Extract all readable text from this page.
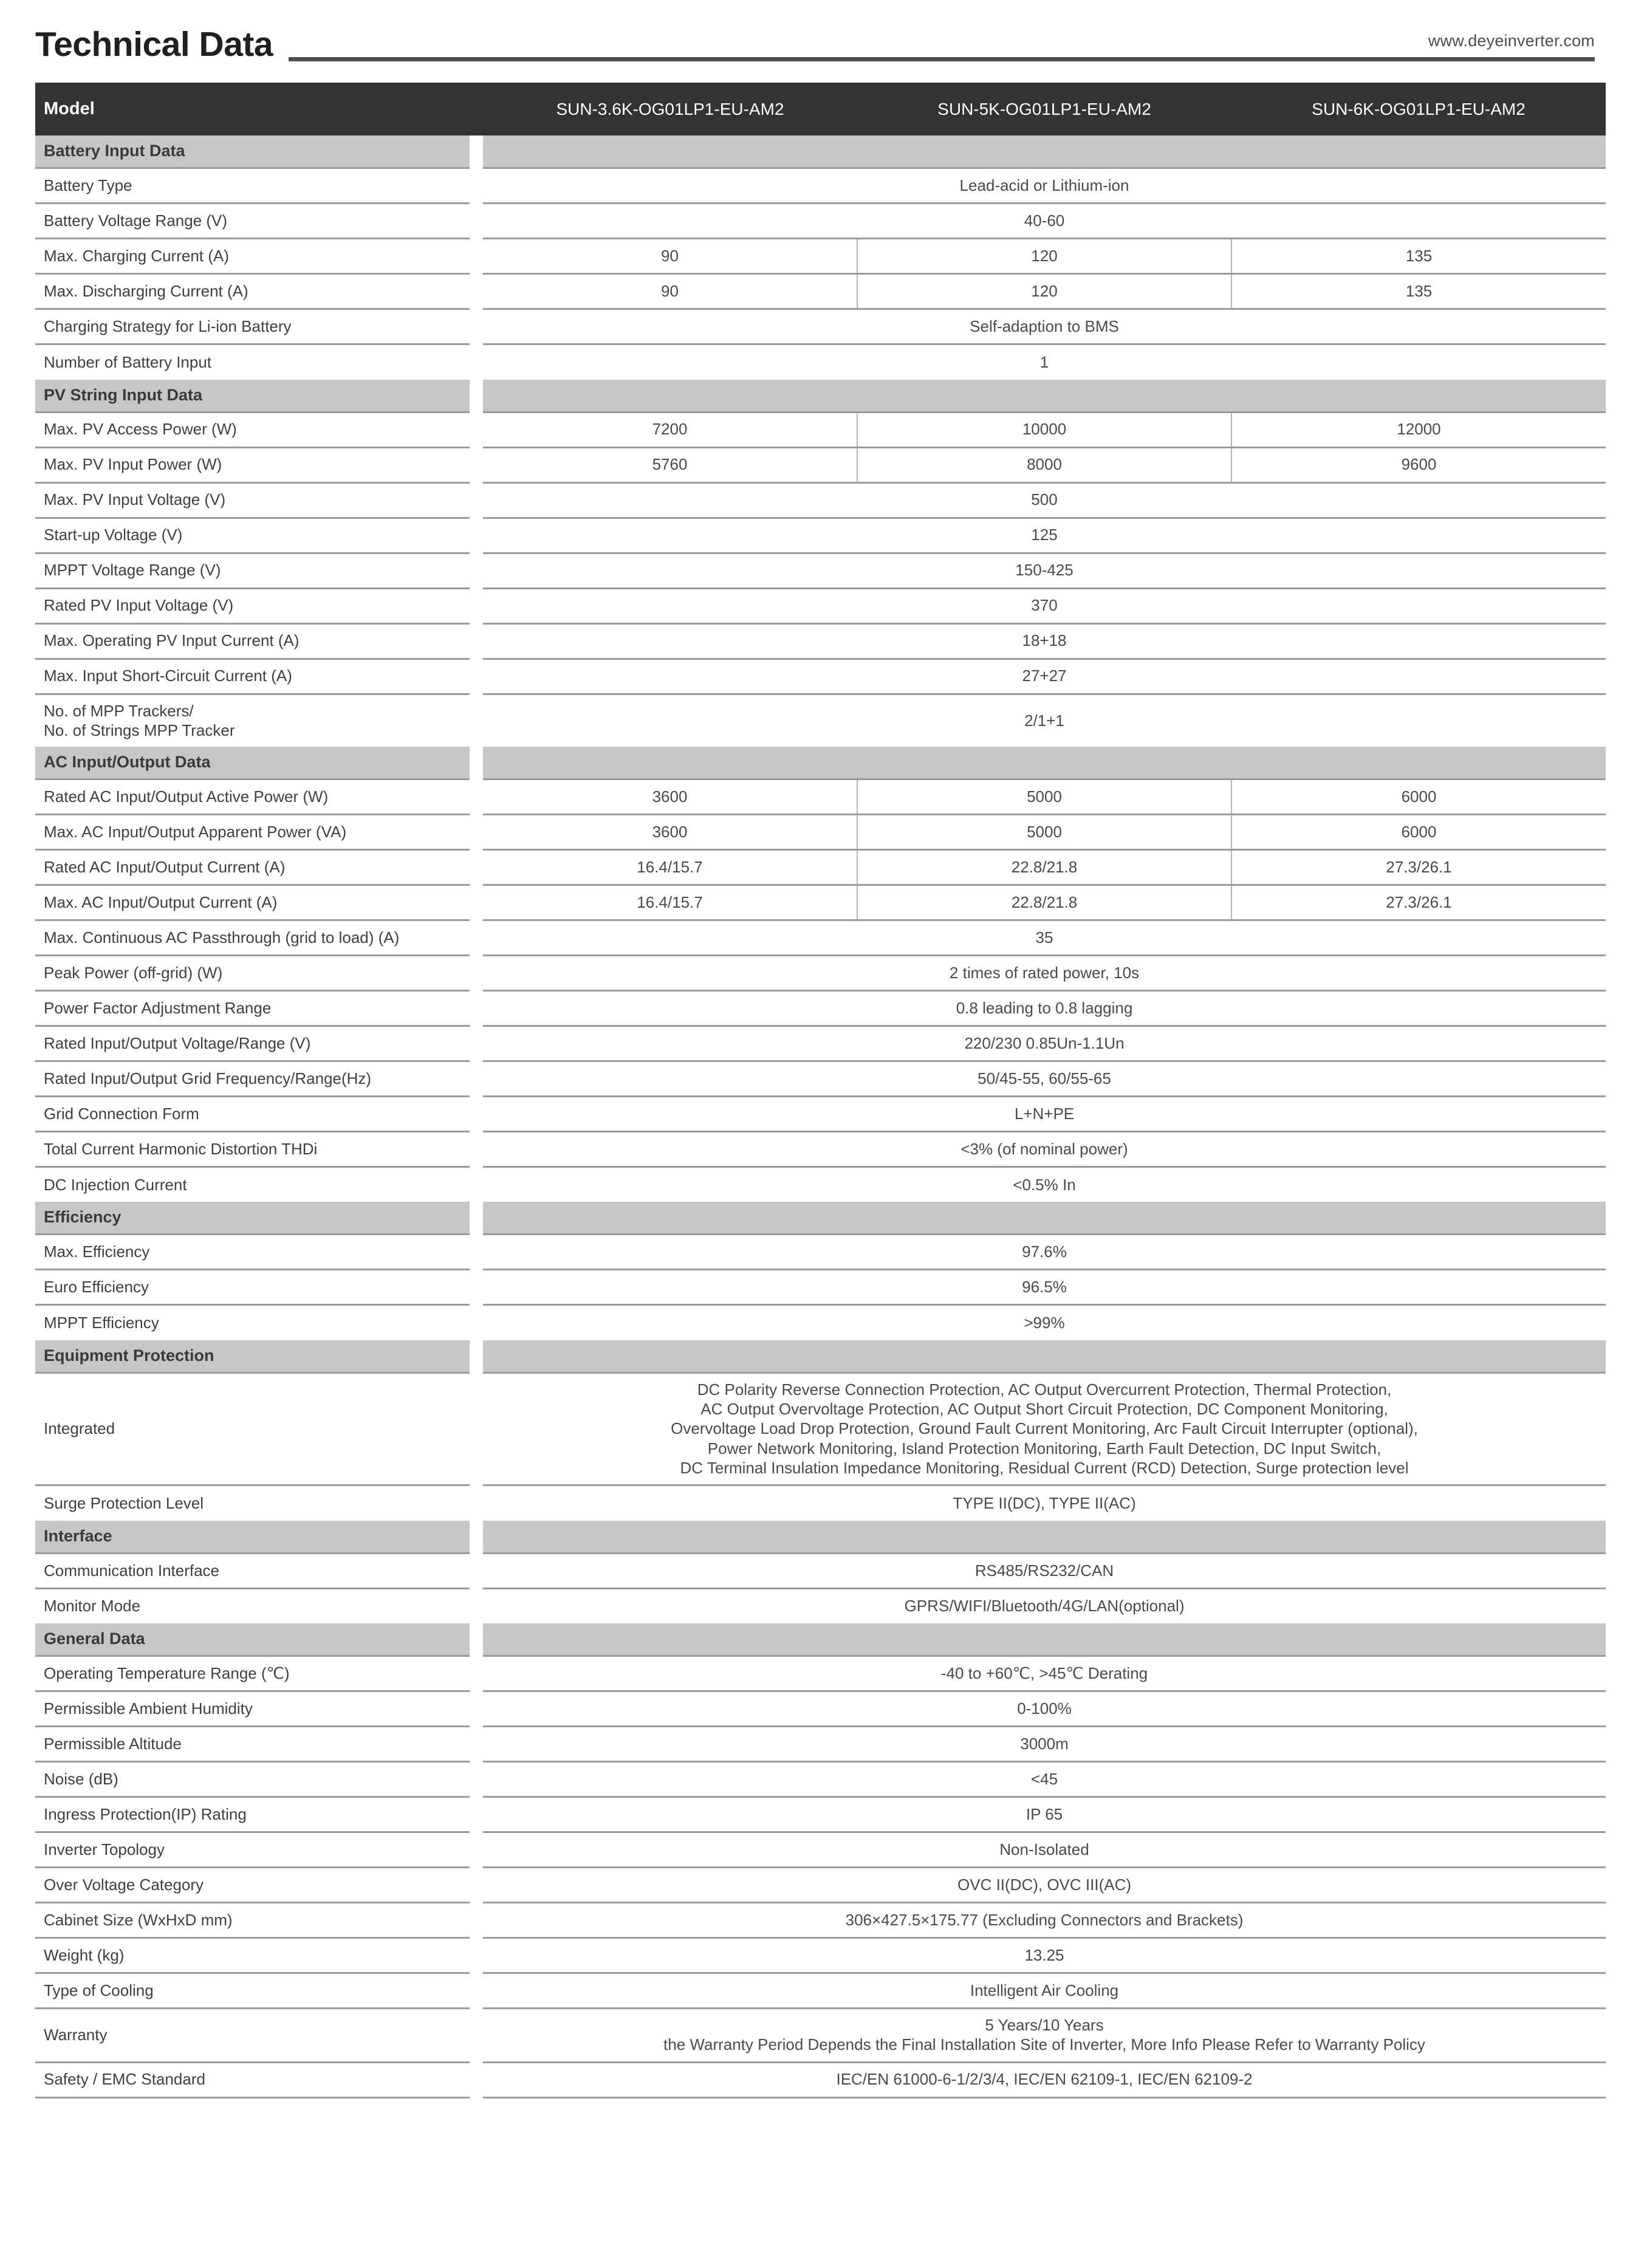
Technical Data	www.deyeinverter.com
Model		SUN-3.6K-OG01LP1-EU-AM2	SUN-5K-OG01LP1-EU-AM2	SUN-6K-OG01LP1-EU-AM2
Battery Input Data				
Battery Type		Lead-acid or Lithium-ion		
Battery Voltage Range (V)		40-60		
Max. Charging Current (A)		90	120	135
Max. Discharging Current (A)		90	120	135
Charging Strategy for Li-ion Battery		Self-adaption to BMS		
Number of Battery Input		1		
PV String Input Data				
Max. PV Access Power (W)		7200	10000	12000
Max. PV Input Power (W)		5760	8000	9600
Max. PV Input Voltage (V)		500		
Start-up Voltage (V)		125		
MPPT Voltage Range (V)		150-425		
Rated PV Input Voltage (V)		370		
Max. Operating PV Input Current (A)		18+18		
Max. Input Short-Circuit Current (A)		27+27		
No. of MPP Trackers/
No. of Strings MPP Tracker		2/1+1		
AC Input/Output Data				
Rated AC Input/Output Active Power (W)		3600	5000	6000
Max. AC Input/Output Apparent Power (VA)		3600	5000	6000
Rated AC Input/Output Current (A)		16.4/15.7	22.8/21.8	27.3/26.1
Max. AC Input/Output Current (A)		16.4/15.7	22.8/21.8	27.3/26.1
Max. Continuous AC Passthrough (grid to load) (A)		35		
Peak Power (off-grid) (W)		2 times of rated power, 10s		
Power Factor Adjustment Range		0.8 leading to 0.8 lagging		
Rated Input/Output Voltage/Range (V)		220/230 0.85Un-1.1Un		
Rated Input/Output Grid Frequency/Range(Hz)		50/45-55, 60/55-65		
Grid Connection Form		L+N+PE		
Total Current Harmonic Distortion THDi		<3% (of nominal power)		
DC Injection Current		<0.5% In		
Efficiency				
Max. Efficiency		97.6%		
Euro Efficiency		96.5%		
MPPT Efficiency		>99%		
Equipment Protection				
Integrated		DC Polarity Reverse Connection Protection, AC Output Overcurrent Protection, Thermal Protection,
AC Output Overvoltage Protection, AC Output Short Circuit Protection, DC Component Monitoring,
Overvoltage Load Drop Protection, Ground Fault Current Monitoring, Arc Fault Circuit Interrupter (optional),
Power Network Monitoring, Island Protection Monitoring, Earth Fault Detection, DC Input Switch,
DC Terminal Insulation Impedance Monitoring, Residual Current (RCD) Detection, Surge protection level		
Surge Protection Level		TYPE II(DC), TYPE II(AC)		
Interface				
Communication Interface		RS485/RS232/CAN		
Monitor Mode		GPRS/WIFI/Bluetooth/4G/LAN(optional)		
General Data				
Operating Temperature Range (℃)		-40 to +60℃, >45℃ Derating		
Permissible Ambient Humidity		0-100%		
Permissible Altitude		3000m		
Noise (dB)		<45		
Ingress Protection(IP) Rating		IP 65		
Inverter Topology		Non-Isolated		
Over Voltage Category		OVC II(DC), OVC III(AC)		
Cabinet Size (WxHxD mm)		306×427.5×175.77 (Excluding Connectors and Brackets)		
Weight (kg)		13.25		
Type of Cooling		Intelligent Air Cooling		
Warranty		5 Years/10 Years
the Warranty Period Depends the Final Installation Site of Inverter, More Info Please Refer to Warranty Policy		
Safety / EMC Standard		IEC/EN 61000-6-1/2/3/4, IEC/EN 62109-1, IEC/EN 62109-2		
